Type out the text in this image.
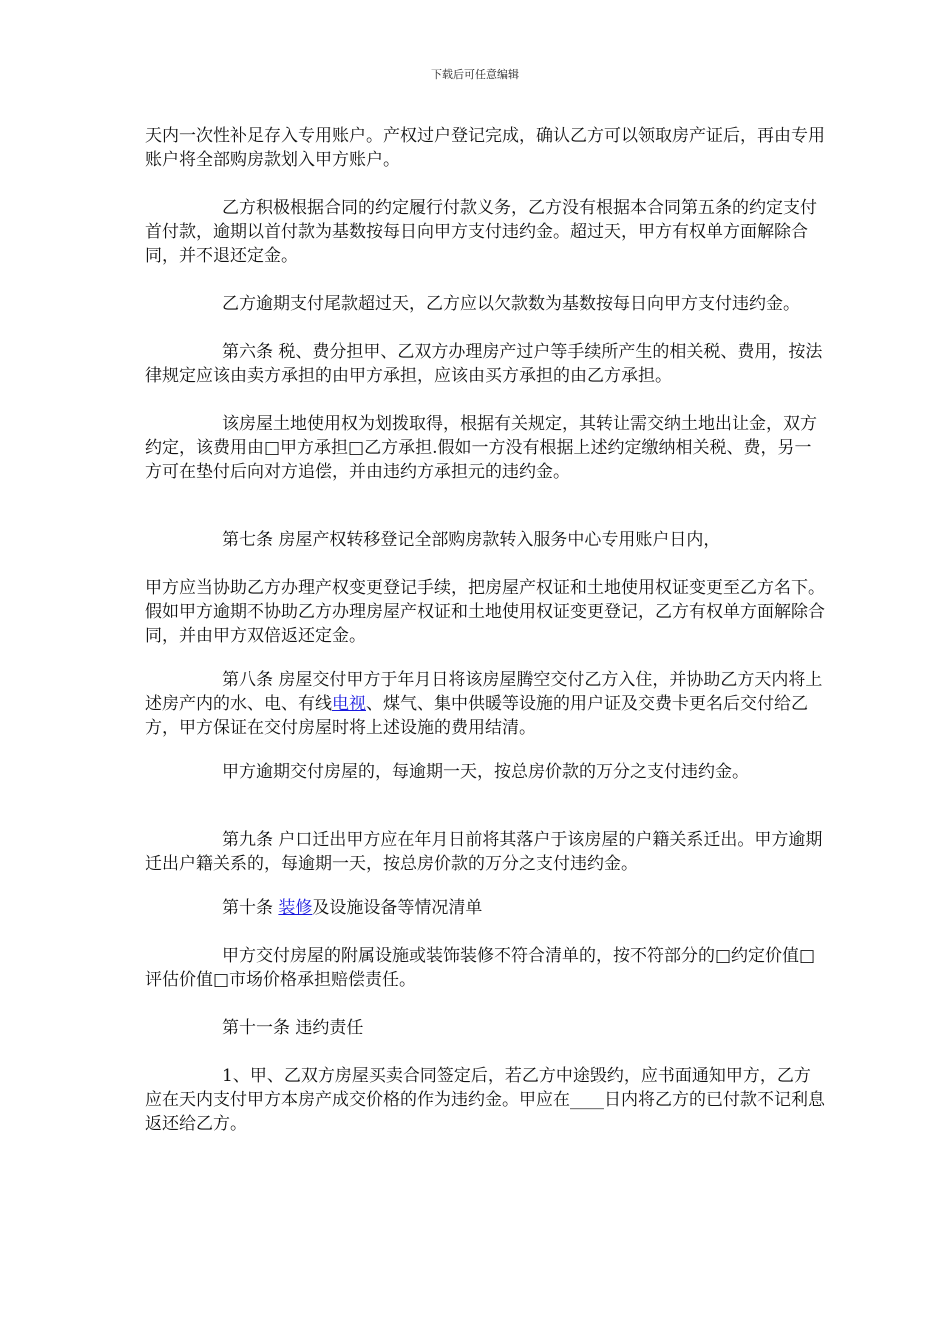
下载后可任意编辑

天内一次性补足存入专用账户。产权过户登记完成，确认乙方可以领取房产证后，再由专用账户将全部购房款划入甲方账户。

乙方积极根据合同的约定履行付款义务，乙方没有根据本合同第五条的约定支付首付款，逾期以首付款为基数按每日向甲方支付违约金。超过天，甲方有权单方面解除合同，并不退还定金。

乙方逾期支付尾款超过天，乙方应以欠款数为基数按每日向甲方支付违约金。

第六条 税、费分担甲、乙双方办理房产过户等手续所产生的相关税、费用，按法律规定应该由卖方承担的由甲方承担，应该由买方承担的由乙方承担。

该房屋土地使用权为划拨取得，根据有关规定，其转让需交纳土地出让金，双方约定，该费用由□甲方承担□乙方承担.假如一方没有根据上述约定缴纳相关税、费，另一方可在垫付后向对方追偿，并由违约方承担元的违约金。

第七条 房屋产权转移登记全部购房款转入服务中心专用账户日内，

甲方应当协助乙方办理产权变更登记手续，把房屋产权证和土地使用权证变更至乙方名下。假如甲方逾期不协助乙方办理房屋产权证和土地使用权证变更登记，乙方有权单方面解除合同，并由甲方双倍返还定金。

第八条 房屋交付甲方于年月日将该房屋腾空交付乙方入住，并协助乙方天内将上述房产内的水、电、有线电视、煤气、集中供暖等设施的用户证及交费卡更名后交付给乙方，甲方保证在交付房屋时将上述设施的费用结清。

甲方逾期交付房屋的，每逾期一天，按总房价款的万分之支付违约金。

第九条 户口迁出甲方应在年月日前将其落户于该房屋的户籍关系迁出。甲方逾期迁出户籍关系的，每逾期一天，按总房价款的万分之支付违约金。

第十条 装修及设施设备等情况清单

甲方交付房屋的附属设施或装饰装修不符合清单的，按不符部分的□约定价值□评估价值□市场价格承担赔偿责任。

第十一条 违约责任

1、甲、乙双方房屋买卖合同签定后，若乙方中途毁约，应书面通知甲方，乙方应在天内支付甲方本房产成交价格的作为违约金。甲应在____日内将乙方的已付款不记利息返还给乙方。
